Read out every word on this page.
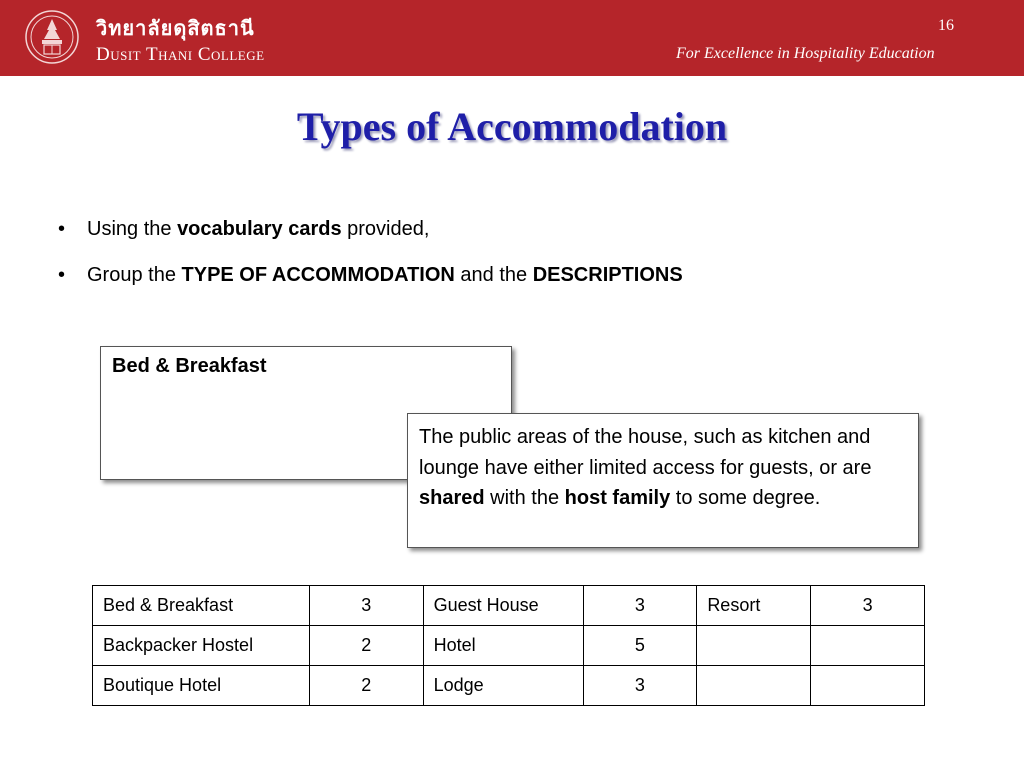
วิทยาลัยดุสิตธานี
Dusit Thani College
16
For Excellence in Hospitality Education
Types of Accommodation
• Using the vocabulary cards provided,
• Group the TYPE OF ACCOMMODATION and the DESCRIPTIONS
Bed & Breakfast
The public areas of the house, such as kitchen and lounge have either limited access for guests, or are shared with the host family to some degree.
Bed & Breakfast	3	Guest House	3	Resort	3
Backpacker Hostel	2	Hotel	5		
Boutique Hotel	2	Lodge	3		
